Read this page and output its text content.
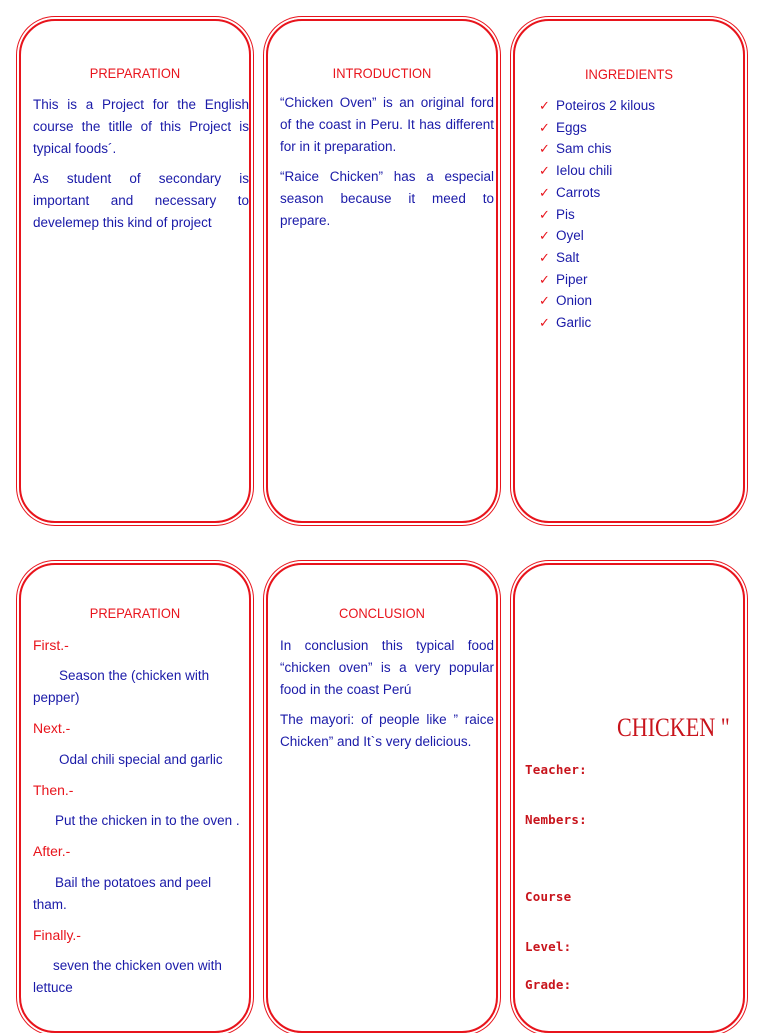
PREPARATION

This is a Project for the English course the titlle of this Project is typical foods´.

As student of secondary is important and necessary to develemep this kind of project

INTRODUCTION

“Chicken Oven” is an original ford of the coast in Peru. It has different for in it preparation.

“Raice Chicken” has a especial season because it meed to prepare.

INGREDIENTS
✓ Poteiros 2 kilous
✓ Eggs
✓ Sam chis
✓ Ielou chili
✓ Carrots
✓ Pis
✓ Oyel
✓ Salt
✓ Piper
✓ Onion
✓ Garlic
PREPARATION
First.-
Season the (chicken with pepper)
Next.-
Odal chili special and garlic
Then.-
Put the chicken in to the oven .
After.-
Bail the potatoes and peel tham.
Finally.-
seven the chicken oven with lettuce
CONCLUSION

In conclusion this typical food “chicken oven” is a very popular food in the coast Perú

The mayori: of people like ” raice Chicken” and It`s very delicious.	CHICKEN "
Teacher:
Nembers:
Course
Level:
Grade:
